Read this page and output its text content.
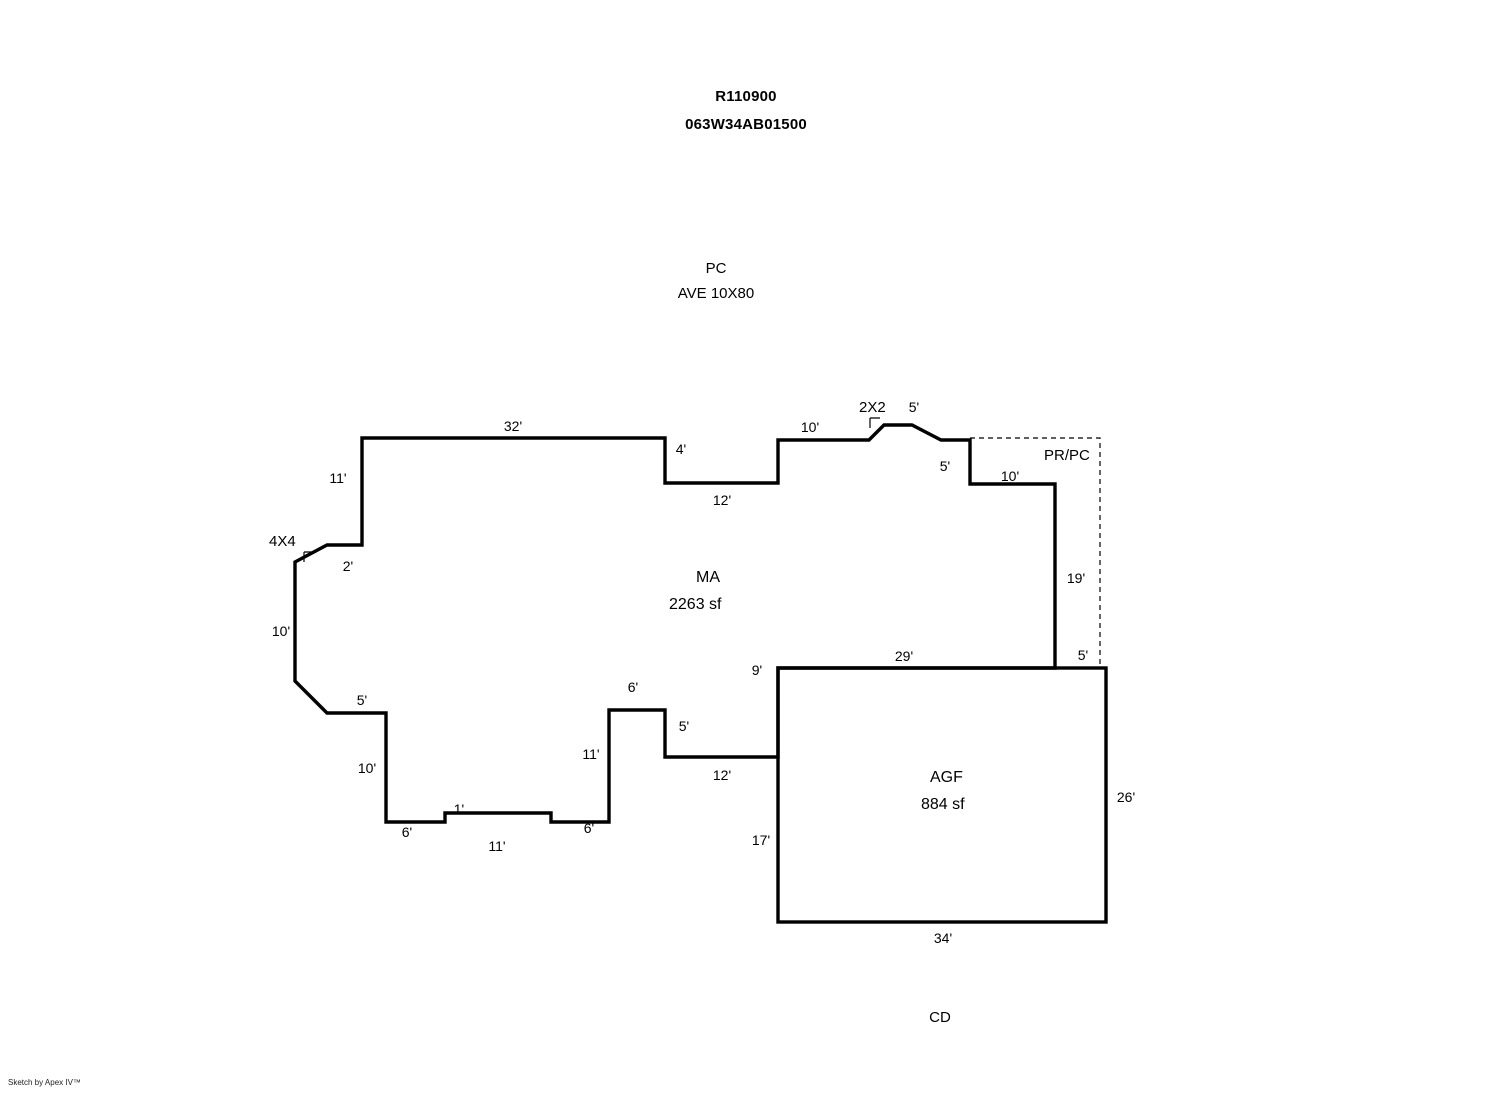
R110900
063W34AB01500
PC
AVE 10X80
MA
2263 sf
AGF
884 sf
4X4
2X2
PR/PC
32'
11'
2'
10'
5'
10'
6'
1'
11'
6'
11'
6'
5'
12'
9'
4'
12'
10'
5'
5'
10'
19'
5'
29'
26'
34'
17'
CD
Sketch by Apex IV™
